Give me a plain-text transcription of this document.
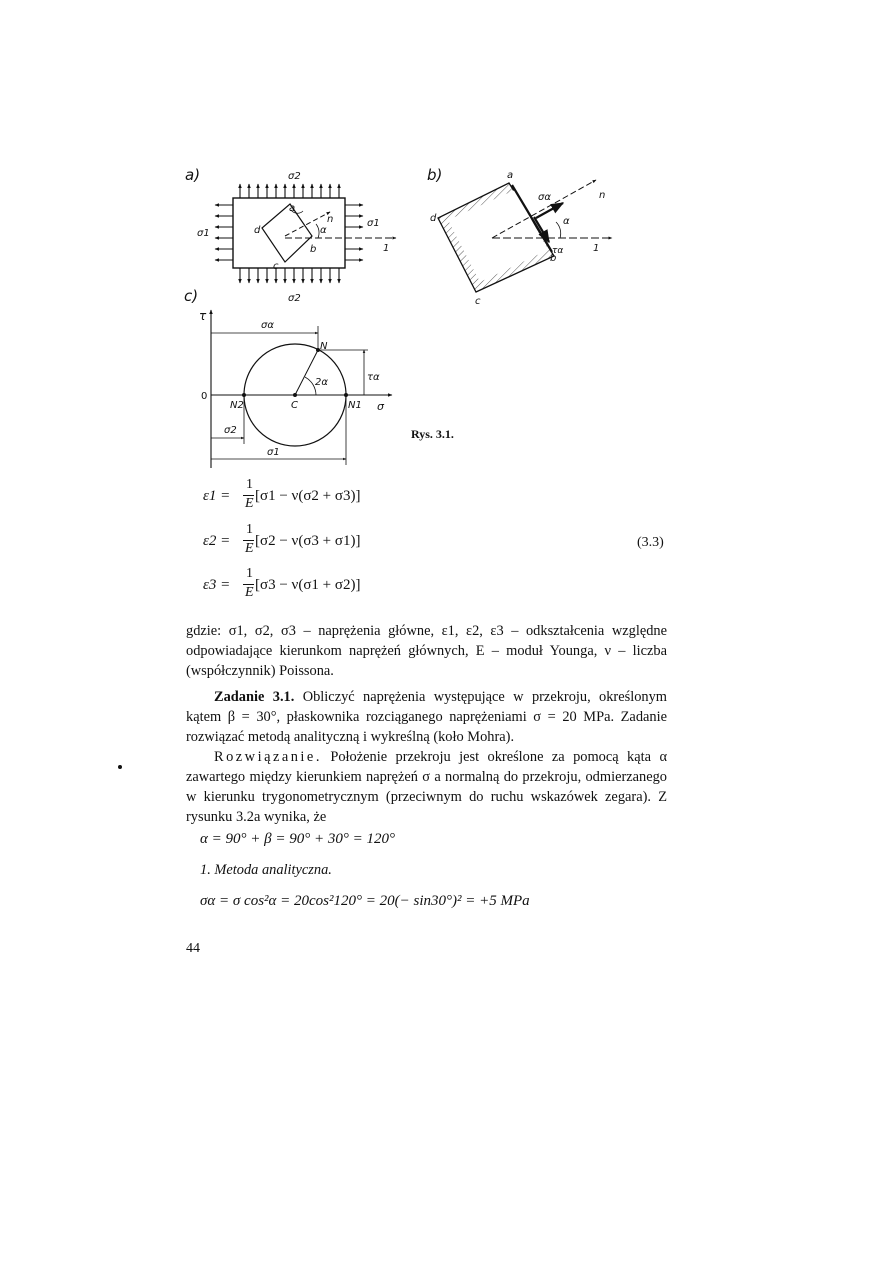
a)	σ2
σ2
σ1
σ1
a
b
c
d
n
α
1
b)	a
b
c
d
n
σα
τα
α
1
c)
τ
σ
0
σα
N
2α	τα
N2	C	N1
σ2
σ1
Rys. 3.1.
ε1 =
1
E [σ1 − ν(σ2 + σ3)]
ε2 =
1
E [σ2 − ν(σ3 + σ1)]
ε3 =
1
E [σ3 − ν(σ1 + σ2)]
(3.3)
gdzie: σ1, σ2, σ3 – naprężenia główne, ε1, ε2, ε3 – odkształcenia względne odpowiadające kierunkom naprężeń głównych, E – moduł Younga, ν – liczba (współczynnik) Poissona.
Zadanie 3.1. Obliczyć naprężenia występujące w przekroju, określonym kątem β = 30°, płaskownika rozciąganego naprężeniami σ = 20 MPa. Zadanie rozwiązać metodą analityczną i wykreślną (koło Mohra).
Rozwiązanie. Położenie przekroju jest określone za pomocą kąta α zawartego między kierunkiem naprężeń σ a normalną do przekroju, odmierzanego w kierunku trygonometrycznym (przeciwnym do ruchu wskazówek zegara). Z rysunku 3.2a wynika, że
α = 90° + β = 90° + 30° = 120°
1. Metoda analityczna.
σα = σ cos²α = 20cos²120° = 20(− sin30°)² = +5 MPa
44
